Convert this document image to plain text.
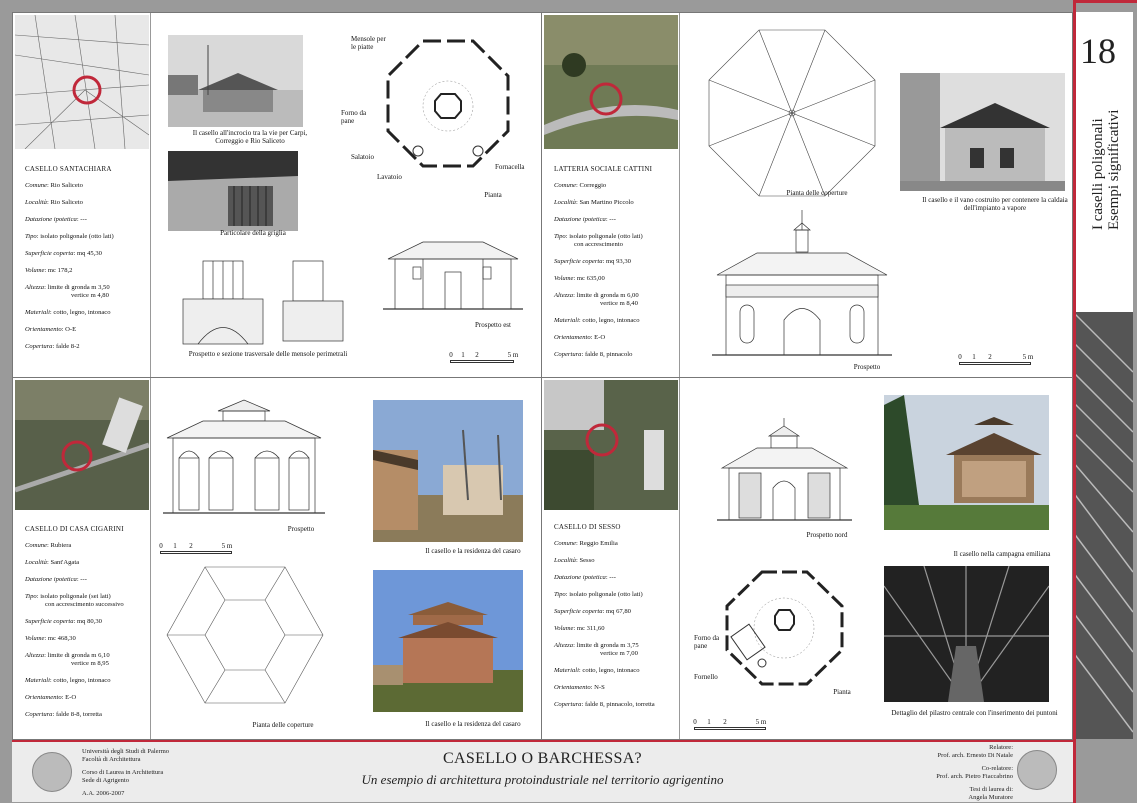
CASELLO SANTACHIARA
Comune: Rio Saliceto
Località: Rio Saliceto
Datazione ipotetica: ---
Tipo: isolato poligonale (otto lati)
Superficie coperta: mq 45,30
Volume: mc 178,2
Altezza: limite di gronda m 3,50
vertice m 4,80
Materiali: cotto, legno, intonaco
Orientamento: O-E
Copertura: falde 8-2
Il casello all'incrocio tra la vie per Carpi, Correggio e Rio Saliceto
Particolare della griglia
Prospetto e sezione trasversale delle mensole perimetrali
Mensole per le piatte
Forno da pane
Salatoio
Lavatoio
Fornacella
Pianta
Prospetto est
0 1 2	5 m
LATTERIA SOCIALE CATTINI
Comune: Correggio
Località: San Martino Piccolo
Datazione ipotetica: ---
Tipo: isolato poligonale (otto lati)
con accrescimento
Superficie coperta: mq 93,30
Volume: mc 635,00
Altezza: limite di gronda m 6,00
vertice m 8,40
Materiali: cotto, legno, intonaco
Orientamento: E-O
Copertura: falde 8, pinnacolo
Pianta delle coperture
Il casello e il vano costruito per contenere la caldaia dell'impianto a vapore
Prospetto
0 1 2	5 m
CASELLO DI CASA CIGARINI
Comune: Rubiera
Località: Sant'Agata
Datazione ipotetica: ---
Tipo: isolato poligonale (sei lati)
con accrescimento successivo
Superficie coperta: mq 80,30
Volume: mc 468,30
Altezza: limite di gronda m 6,10
vertice m 8,95
Materiali: cotto, legno, intonaco
Orientamento: E-O
Copertura: falde 8-8, torretta
Prospetto
0 1 2	5 m
Pianta delle coperture
Il casello e la residenza del casaro
Il casello e la residenza del casaro
CASELLO DI SESSO
Comune: Reggio Emilia
Località: Sesso
Datazione ipotetica: ---
Tipo: isolato poligonale (otto lati)
Superficie coperta: mq 67,80
Volume: mc 311,60
Altezza: limite di gronda m 3,75
vertice m 7,00
Materiali: cotto, legno, intonaco
Orientamento: N-S
Copertura: falde 8, pinnacolo, torretta
Prospetto nord
Forno da pane
Fornello
Pianta
0 1 2	5 m
Il casello nella campagna emiliana
Dettaglio del pilastro centrale con l'inserimento dei puntoni
18
I caselli poligonali Esempi significativi
Università degli Studi di Palermo
Facoltà di Architettura
Corso di Laurea in Architettura
Sede di Agrigento
A.A. 2006-2007
CASELLO O BARCHESSA?
Un esempio di architettura protoindustriale nel territorio agrigentino
Relatore:
Prof. arch. Ernesto Di Natale
Co-relatore:
Prof. arch. Pietro Fiaccabrino
Tesi di laurea di:
Angela Muratore
